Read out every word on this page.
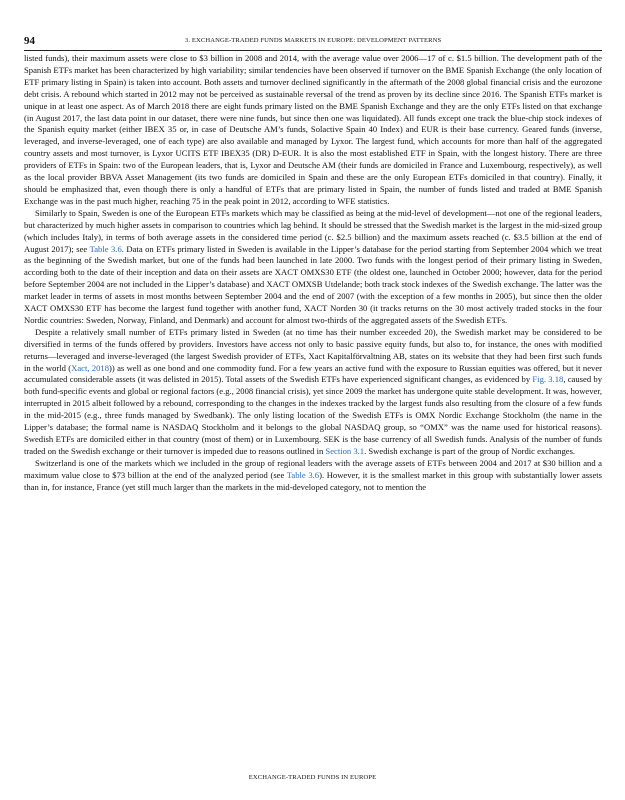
94	3. EXCHANGE-TRADED FUNDS MARKETS IN EUROPE: DEVELOPMENT PATTERNS

listed funds), their maximum assets were close to $3 billion in 2008 and 2014, with the average value over 2006—17 of c. $1.5 billion. The development path of the Spanish ETFs market has been characterized by high variability; similar tendencies have been observed if turnover on the BME Spanish Exchange (the only location of ETF primary listing in Spain) is taken into account. Both assets and turnover declined significantly in the aftermath of the 2008 global financial crisis and the eurozone debt crisis. A rebound which started in 2012 may not be perceived as sustainable reversal of the trend as proven by its decline since 2016. The Spanish ETFs market is unique in at least one aspect. As of March 2018 there are eight funds primary listed on the BME Spanish Exchange and they are the only ETFs listed on that exchange (in August 2017, the last data point in our dataset, there were nine funds, but since then one was liquidated). All funds except one track the blue-chip stock indexes of the Spanish equity market (either IBEX 35 or, in case of Deutsche AM’s funds, Solactive Spain 40 Index) and EUR is their base currency. Geared funds (inverse, leveraged, and inverse-leveraged, one of each type) are also available and managed by Lyxor. The largest fund, which accounts for more than half of the aggregated country assets and most turnover, is Lyxor UCITS ETF IBEX35 (DR) D-EUR. It is also the most established ETF in Spain, with the longest history. There are three providers of ETFs in Spain: two of the European leaders, that is, Lyxor and Deutsche AM (their funds are domiciled in France and Luxembourg, respectively), as well as the local provider BBVA Asset Management (its two funds are domiciled in Spain and these are the only European ETFs domiciled in that country). Finally, it should be emphasized that, even though there is only a handful of ETFs that are primary listed in Spain, the number of funds listed and traded at BME Spanish Exchange was in the past much higher, reaching 75 in the peak point in 2012, according to WFE statistics.

Similarly to Spain, Sweden is one of the European ETFs markets which may be classified as being at the mid-level of development—not one of the regional leaders, but characterized by much higher assets in comparison to countries which lag behind. It should be stressed that the Swedish market is the largest in the mid-sized group (which includes Italy), in terms of both average assets in the considered time period (c. $2.5 billion) and the maximum assets reached (c. $3.5 billion at the end of August 2017); see Table 3.6. Data on ETFs primary listed in Sweden is available in the Lipper’s database for the period starting from September 2004 which we treat as the beginning of the Swedish market, but one of the funds had been launched in late 2000. Two funds with the longest period of their primary listing in Sweden, according both to the date of their inception and data on their assets are XACT OMXS30 ETF (the oldest one, launched in October 2000; however, data for the period before September 2004 are not included in the Lipper’s database) and XACT OMXSB Utdelande; both track stock indexes of the Swedish exchange. The latter was the market leader in terms of assets in most months between September 2004 and the end of 2007 (with the exception of a few months in 2005), but since then the older XACT OMXS30 ETF has become the largest fund together with another fund, XACT Norden 30 (it tracks returns on the 30 most actively traded stocks in the four Nordic countries: Sweden, Norway, Finland, and Denmark) and account for almost two-thirds of the aggregated assets of the Swedish ETFs.

Despite a relatively small number of ETFs primary listed in Sweden (at no time has their number exceeded 20), the Swedish market may be considered to be diversified in terms of the funds offered by providers. Investors have access not only to basic passive equity funds, but also to, for instance, the ones with modified returns—leveraged and inverse-leveraged (the largest Swedish provider of ETFs, Xact Kapitalförvaltning AB, states on its website that they had been first such funds in the world (Xact, 2018)) as well as one bond and one commodity fund. For a few years an active fund with the exposure to Russian equities was offered, but it never accumulated considerable assets (it was delisted in 2015). Total assets of the Swedish ETFs have experienced significant changes, as evidenced by Fig. 3.18, caused by both fund-specific events and global or regional factors (e.g., 2008 financial crisis), yet since 2009 the market has undergone quite stable development. It was, however, interrupted in 2015 albeit followed by a rebound, corresponding to the changes in the indexes tracked by the largest funds also resulting from the closure of a few funds in the mid-2015 (e.g., three funds managed by Swedbank). The only listing location of the Swedish ETFs is OMX Nordic Exchange Stockholm (the name in the Lipper’s database; the formal name is NASDAQ Stockholm and it belongs to the global NASDAQ group, so “OMX” was the name used for historical reasons). Swedish ETFs are domiciled either in that country (most of them) or in Luxembourg. SEK is the base currency of all Swedish funds. Analysis of the number of funds traded on the Swedish exchange or their turnover is impeded due to reasons outlined in Section 3.1. Swedish exchange is part of the group of Nordic exchanges.

Switzerland is one of the markets which we included in the group of regional leaders with the average assets of ETFs between 2004 and 2017 at $30 billion and a maximum value close to $73 billion at the end of the analyzed period (see Table 3.6). However, it is the smallest market in this group with substantially lower assets than in, for instance, France (yet still much larger than the markets in the mid-developed category, not to mention the

EXCHANGE-TRADED FUNDS IN EUROPE
